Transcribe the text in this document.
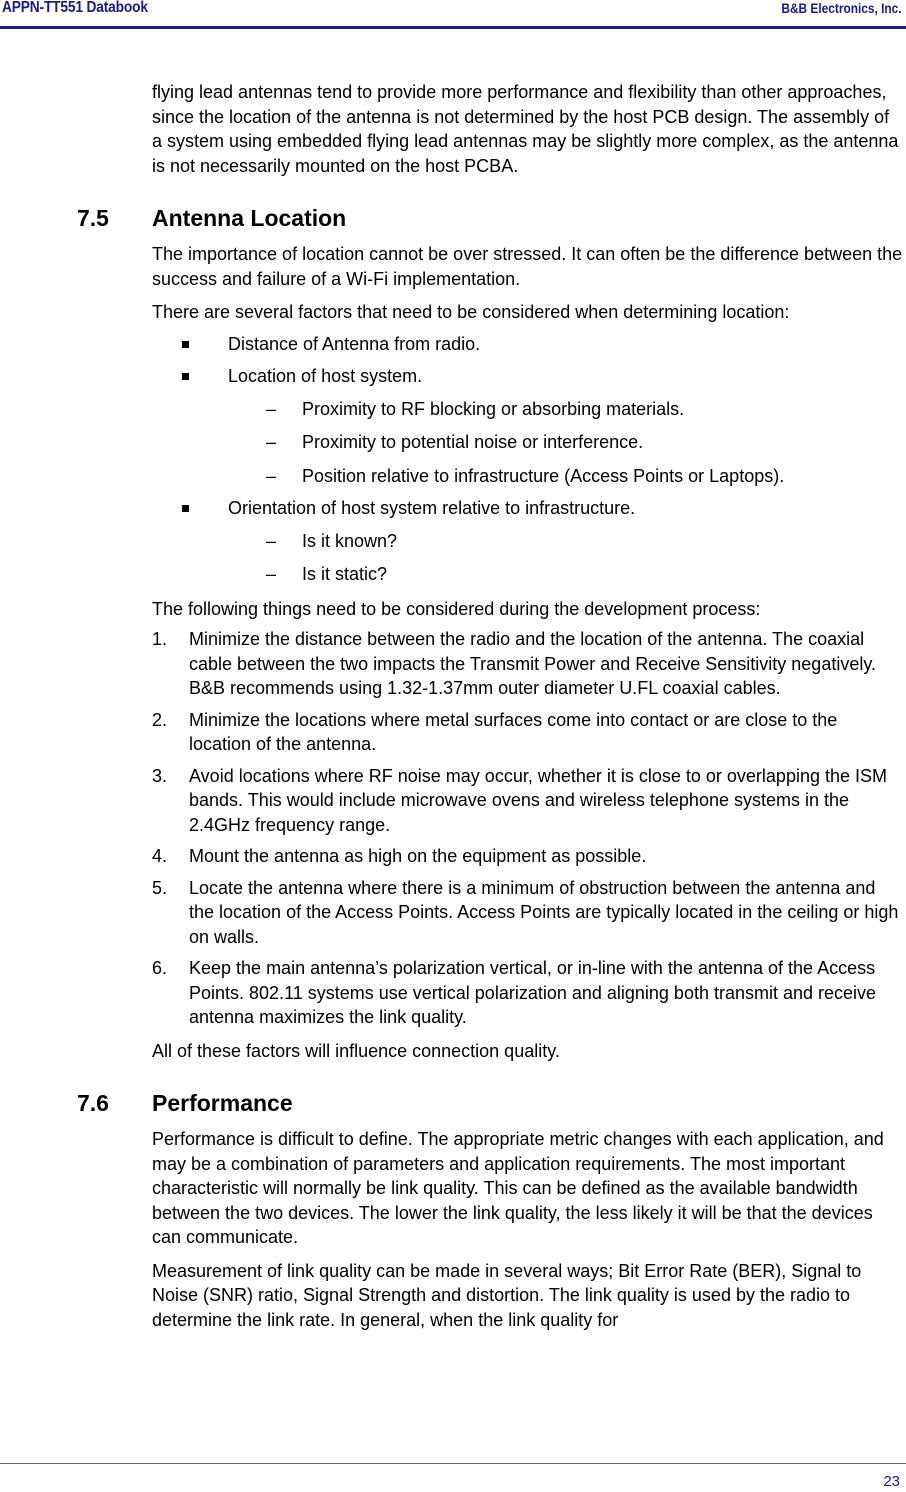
APPN-TT551 Databook	B&B Electronics, Inc.

flying lead antennas tend to provide more performance and flexibility than other approaches, since the location of the antenna is not determined by the host PCB design. The assembly of a system using embedded flying lead antennas may be slightly more complex, as the antenna is not necessarily mounted on the host PCBA.

7.5 Antenna Location

The importance of location cannot be over stressed. It can often be the difference between the success and failure of a Wi-Fi implementation.

There are several factors that need to be considered when determining location:

Distance of Antenna from radio.
Location of host system.
– Proximity to RF blocking or absorbing materials.
– Proximity to potential noise or interference.
– Position relative to infrastructure (Access Points or Laptops).
Orientation of host system relative to infrastructure.
– Is it known?
– Is it static?

The following things need to be considered during the development process:

1. Minimize the distance between the radio and the location of the antenna. The coaxial cable between the two impacts the Transmit Power and Receive Sensitivity negatively. B&B recommends using 1.32-1.37mm outer diameter U.FL coaxial cables.
2. Minimize the locations where metal surfaces come into contact or are close to the location of the antenna.
3. Avoid locations where RF noise may occur, whether it is close to or overlapping the ISM bands. This would include microwave ovens and wireless telephone systems in the 2.4GHz frequency range.
4. Mount the antenna as high on the equipment as possible.
5. Locate the antenna where there is a minimum of obstruction between the antenna and the location of the Access Points. Access Points are typically located in the ceiling or high on walls.
6. Keep the main antenna’s polarization vertical, or in-line with the antenna of the Access Points. 802.11 systems use vertical polarization and aligning both transmit and receive antenna maximizes the link quality.

All of these factors will influence connection quality.

7.6 Performance

Performance is difficult to define. The appropriate metric changes with each application, and may be a combination of parameters and application requirements. The most important characteristic will normally be link quality. This can be defined as the available bandwidth between the two devices. The lower the link quality, the less likely it will be that the devices can communicate.

Measurement of link quality can be made in several ways; Bit Error Rate (BER), Signal to Noise (SNR) ratio, Signal Strength and distortion. The link quality is used by the radio to determine the link rate. In general, when the link quality for

23
